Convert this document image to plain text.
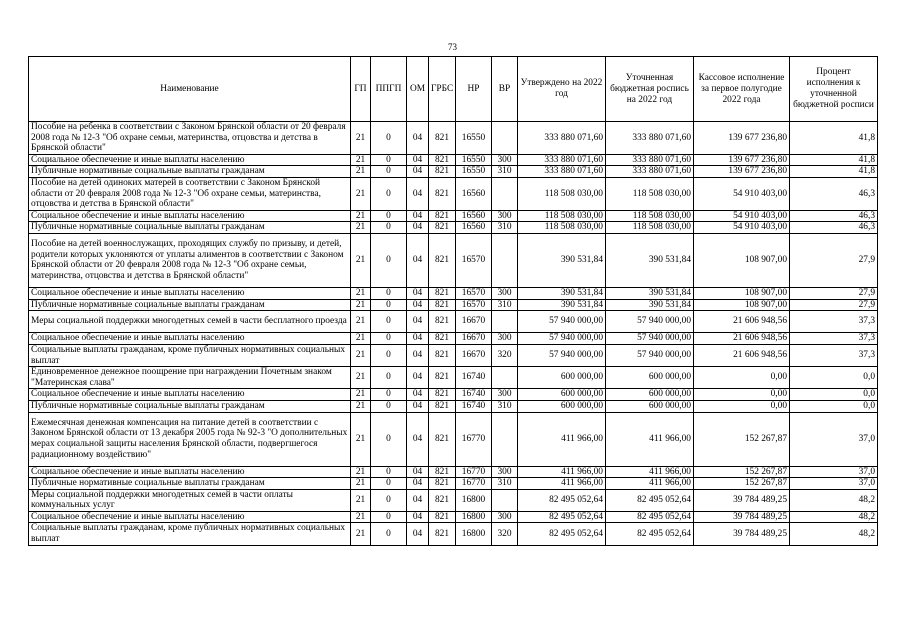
73
Наименование	ГП	ППГП	ОМ	ГРБС	НР	ВР	Утверждено на 2022 год	Уточненная бюджетная роспись на 2022 год	Кассовое исполнение за первое полугодие 2022 года	Процент исполнения к уточненной бюджетной росписи
Пособие на ребенка в соответствии с Законом Брянской области от 20 февраля 2008 года № 12-3 "Об охране семьи, материнства, отцовства и детства в Брянской области"	21	0	04	821	16550		333 880 071,60	333 880 071,60	139 677 236,80	41,8
Социальное обеспечение и иные выплаты населению	21	0	04	821	16550	300	333 880 071,60	333 880 071,60	139 677 236,80	41,8
Публичные нормативные социальные выплаты гражданам	21	0	04	821	16550	310	333 880 071,60	333 880 071,60	139 677 236,80	41,8
Пособие на детей одиноких матерей в соответствии с Законом Брянской области от 20 февраля 2008 года № 12-3 "Об охране семьи, материнства, отцовства и детства в Брянской области"	21	0	04	821	16560		118 508 030,00	118 508 030,00	54 910 403,00	46,3
Социальное обеспечение и иные выплаты населению	21	0	04	821	16560	300	118 508 030,00	118 508 030,00	54 910 403,00	46,3
Публичные нормативные социальные выплаты гражданам	21	0	04	821	16560	310	118 508 030,00	118 508 030,00	54 910 403,00	46,3
Пособие на детей военнослужащих, проходящих службу по призыву, и детей, родители которых уклоняются от уплаты алиментов в соответствии с Законом Брянской области от 20 февраля 2008 года № 12-3 "Об охране семьи, материнства, отцовства и детства в Брянской области"	21	0	04	821	16570		390 531,84	390 531,84	108 907,00	27,9
Социальное обеспечение и иные выплаты населению	21	0	04	821	16570	300	390 531,84	390 531,84	108 907,00	27,9
Публичные нормативные социальные выплаты гражданам	21	0	04	821	16570	310	390 531,84	390 531,84	108 907,00	27,9
Меры социальной поддержки многодетных семей в части бесплатного проезда	21	0	04	821	16670		57 940 000,00	57 940 000,00	21 606 948,56	37,3
Социальное обеспечение и иные выплаты населению	21	0	04	821	16670	300	57 940 000,00	57 940 000,00	21 606 948,56	37,3
Социальные выплаты гражданам, кроме публичных нормативных социальных выплат	21	0	04	821	16670	320	57 940 000,00	57 940 000,00	21 606 948,56	37,3
Единовременное денежное поощрение при награждении Почетным знаком "Материнская слава"	21	0	04	821	16740		600 000,00	600 000,00	0,00	0,0
Социальное обеспечение и иные выплаты населению	21	0	04	821	16740	300	600 000,00	600 000,00	0,00	0,0
Публичные нормативные социальные выплаты гражданам	21	0	04	821	16740	310	600 000,00	600 000,00	0,00	0,0
Ежемесячная денежная компенсация на питание детей в соответствии с Законом Брянской области от 13 декабря 2005 года № 92-3 "О дополнительных мерах социальной защиты населения Брянской области, подвергшегося радиационному воздействию"	21	0	04	821	16770		411 966,00	411 966,00	152 267,87	37,0
Социальное обеспечение и иные выплаты населению	21	0	04	821	16770	300	411 966,00	411 966,00	152 267,87	37,0
Публичные нормативные социальные выплаты гражданам	21	0	04	821	16770	310	411 966,00	411 966,00	152 267,87	37,0
Меры социальной поддержки многодетных семей в части оплаты коммунальных услуг	21	0	04	821	16800		82 495 052,64	82 495 052,64	39 784 489,25	48,2
Социальное обеспечение и иные выплаты населению	21	0	04	821	16800	300	82 495 052,64	82 495 052,64	39 784 489,25	48,2
Социальные выплаты гражданам, кроме публичных нормативных социальных выплат	21	0	04	821	16800	320	82 495 052,64	82 495 052,64	39 784 489,25	48,2
